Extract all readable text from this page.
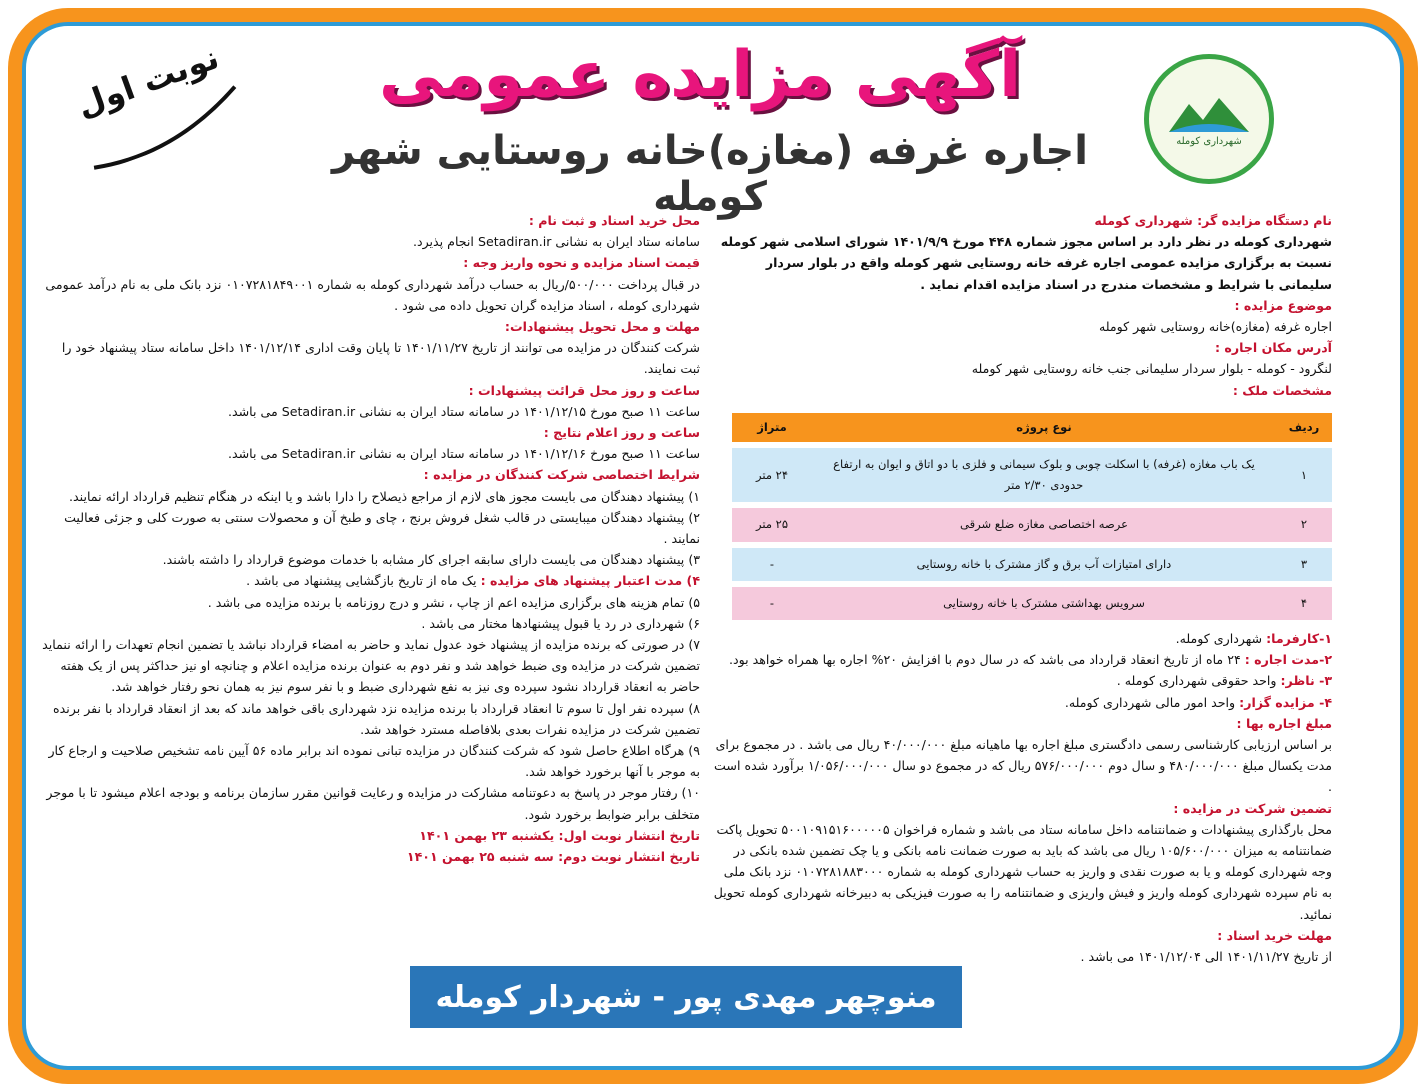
شهرداری کومله
نوبت اول	آگهی مزایده عمومی
اجاره غرفه (مغازه)خانه روستایی شهر کومله
نام دستگاه مزایده گر: شهرداری کومله
شهرداری کومله در نظر دارد بر اساس مجوز شماره ۴۴۸ مورخ ۱۴۰۱/۹/۹ شورای اسلامی شهر کومله نسبت به برگزاری مزایده عمومی اجاره غرفه خانه روستایی شهر کومله واقع در بلوار سردار سلیمانی با شرایط و مشخصات مندرج در اسناد مزایده اقدام نماید .
موضوع مزایده :
اجاره غرفه (مغازه)خانه روستایی شهر کومله
آدرس مکان اجاره :
لنگرود - کومله - بلوار سردار سلیمانی جنب خانه روستایی شهر کومله
مشخصات ملک :
ردیف	نوع پروژه	متراژ
۱	یک باب مغازه (غرفه) با اسکلت چوبی و بلوک سیمانی و فلزی با دو اتاق و ایوان به ارتفاع حدودی ۲/۳۰ متر	۲۴ متر
۲	عرصه اختصاصی مغازه ضلع شرقی	۲۵ متر
۳	دارای امتیازات آب برق و گاز مشترک با خانه روستایی	-
۴	سرویس بهداشتی مشترک با خانه روستایی	-
۱-کارفرما: شهرداری کومله.
۲-مدت اجاره : ۲۴ ماه از تاریخ انعقاد قرارداد می باشد که در سال دوم با افزایش ۲۰% اجاره بها همراه خواهد بود.
۳- ناظر: واحد حقوقی شهرداری کومله .
۴- مزایده گزار: واحد امور مالی شهرداری کومله.
مبلغ اجاره بها :
بر اساس ارزیابی کارشناسی رسمی دادگستری مبلغ اجاره بها ماهیانه مبلغ ۴۰/۰۰۰/۰۰۰ ریال می باشد . در مجموع برای مدت یکسال مبلغ ۴۸۰/۰۰۰/۰۰۰ و سال دوم ۵۷۶/۰۰۰/۰۰۰ ریال که در مجموع دو سال ۱/۰۵۶/۰۰۰/۰۰۰ برآورد شده است .
تضمین شرکت در مزایده :
محل بارگذاری پیشنهادات و ضمانتنامه داخل سامانه ستاد می باشد و شماره فراخوان ۵۰۰۱۰۹۱۵۱۶۰۰۰۰۰۵ تحویل پاکت ضمانتنامه به میزان ۱۰۵/۶۰۰/۰۰۰ ریال می باشد که باید به صورت ضمانت نامه بانکی و یا چک تضمین شده بانکی در وجه شهرداری کومله و یا به صورت نقدی و واریز به حساب شهرداری کومله به شماره ۰۱۰۷۲۸۱۸۸۳۰۰۰ نزد بانک ملی به نام سپرده شهرداری کومله واریز و فیش واریزی و ضمانتنامه را به صورت فیزیکی به دبیرخانه شهرداری کومله تحویل نمائید.
مهلت خرید اسناد :
از تاریخ ۱۴۰۱/۱۱/۲۷ الی ۱۴۰۱/۱۲/۰۴ می باشد .
محل خرید اسناد و ثبت نام :
سامانه ستاد ایران به نشانی Setadiran.ir انجام پذیرد.
قیمت اسناد مزایده و نحوه واریز وجه :
در قبال پرداخت ۵۰۰/۰۰۰/ریال به حساب درآمد شهرداری کومله به شماره ۰۱۰۷۲۸۱۸۴۹۰۰۱ نزد بانک ملی به نام درآمد عمومی شهرداری کومله ، اسناد مزایده گران تحویل داده می شود .
مهلت و محل تحویل پیشنهادات:
شرکت کنندگان در مزایده می توانند از تاریخ ۱۴۰۱/۱۱/۲۷ تا پایان وقت اداری ۱۴۰۱/۱۲/۱۴ داخل سامانه ستاد پیشنهاد خود را ثبت نمایند.
ساعت و روز محل قرائت پیشنهادات :
ساعت ۱۱ صبح مورخ ۱۴۰۱/۱۲/۱۵ در سامانه ستاد ایران به نشانی Setadiran.ir می باشد.
ساعت و روز اعلام نتایج :
ساعت ۱۱ صبح مورخ ۱۴۰۱/۱۲/۱۶ در سامانه ستاد ایران به نشانی Setadiran.ir می باشد.
شرایط اختصاصی شرکت کنندگان در مزایده :
۱) پیشنهاد دهندگان می بایست مجوز های لازم از مراجع ذیصلاح را دارا باشد و یا اینکه در هنگام تنظیم قرارداد ارائه نمایند.
۲) پیشنهاد دهندگان میبایستی در قالب شغل فروش برنج ، چای و طبخ آن و محصولات سنتی به صورت کلی و جزئی فعالیت نمایند .
۳) پیشنهاد دهندگان می بایست دارای سابقه اجرای کار مشابه با خدمات موضوع قرارداد را داشته باشند.
۴) مدت اعتبار پیشنهاد های مزایده : یک ماه از تاریخ بازگشایی پیشنهاد می باشد .
۵) تمام هزینه های برگزاری مزایده اعم از چاپ ، نشر و درج روزنامه با برنده مزایده می باشد .
۶) شهرداری در رد یا قبول پیشنهادها مختار می باشد .
۷) در صورتی که برنده مزایده از پیشنهاد خود عدول نماید و حاضر به امضاء قرارداد نباشد یا تضمین انجام تعهدات را ارائه ننماید تضمین شرکت در مزایده وی ضبط خواهد شد و نفر دوم به عنوان برنده مزایده اعلام و چنانچه او نیز حداکثر پس از یک هفته حاضر به انعقاد قرارداد نشود سپرده وی نیز به نفع شهرداری ضبط و با نفر سوم نیز به همان نحو رفتار خواهد شد.
۸) سپرده نفر اول تا سوم تا انعقاد قرارداد با برنده مزایده نزد شهرداری باقی خواهد ماند که بعد از انعقاد قرارداد با نفر برنده تضمین شرکت در مزایده نفرات بعدی بلافاصله مسترد خواهد شد.
۹) هرگاه اطلاع حاصل شود که شرکت کنندگان در مزایده تبانی نموده اند برابر ماده ۵۶ آیین نامه تشخیص صلاحیت و ارجاع کار به موجر با آنها برخورد خواهد شد.
۱۰) رفتار موجر در پاسخ به دعوتنامه مشارکت در مزایده و رعایت قوانین مقرر سازمان برنامه و بودجه اعلام میشود تا با موجر متخلف برابر ضوابط برخورد شود.
تاریخ انتشار نوبت اول: یکشنبه ۲۳ بهمن ۱۴۰۱
تاریخ انتشار نوبت دوم: سه شنبه ۲۵ بهمن ۱۴۰۱
منوچهر مهدی پور - شهردار کومله
